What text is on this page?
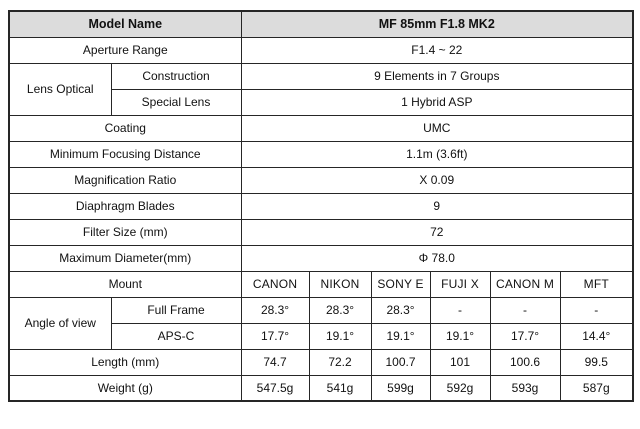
Model Name		MF 85mm F1.8 MK2					
Aperture Range		F1.4 ~ 22					
Lens Optical	Construction	9 Elements in 7 Groups					
	Special Lens	1 Hybrid ASP					
Coating		UMC					
Minimum Focusing Distance		1.1m (3.6ft)					
Magnification Ratio		X 0.09					
Diaphragm Blades		9					
Filter Size (mm)		72					
Maximum Diameter(mm)		Φ 78.0					
Mount		CANON	NIKON	SONY E	FUJI X	CANON M	MFT
Angle of view	Full Frame	28.3°	28.3°	28.3°	-	-	-
	APS-C	17.7°	19.1°	19.1°	19.1°	17.7°	14.4°
Length (mm)		74.7	72.2	100.7	101	100.6	99.5
Weight (g)		547.5g	541g	599g	592g	593g	587g
